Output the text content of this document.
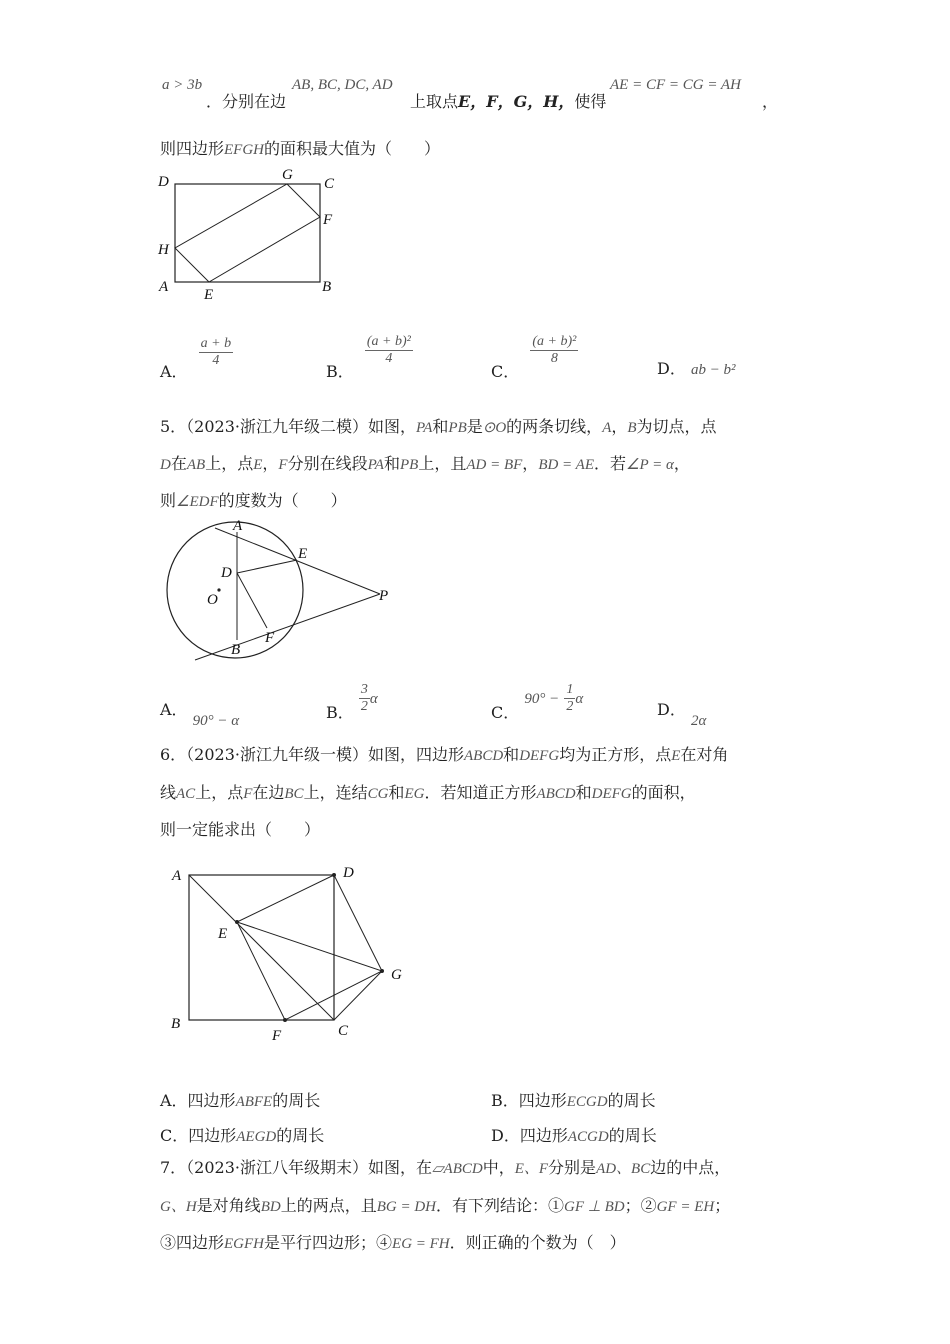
a > 3b
．分别在边
AB, BC, DC, AD
上取点E，F，G，H，使得
AE = CF = CG = AH
，
则四边形EFGH的面积最大值为（　　）
D	G
C
H
F
A E	B
A．
$\frac{a + b}{4}$
B．
$\frac{\text{(a + b)²}}{4}$
C．
$\frac{\text{(a + b)²}}{8}$
D． ab − b²
5．（2023·浙江九年级二模）如图，PA和PB是⊙O的两条切线，A，B为切点，点
D在AB上，点E，F分别在线段PA和PB上，且AD = BF，BD = AE．若∠P = α，
则∠EDF的度数为（　　）
A
E
D
O	P
F
B
A． 90° − α	B． $\frac{3}{2}$ α
C． $90^\circ - \frac{1}{2}$ α
D． 2α
6．（2023·浙江九年级一模）如图，四边形ABCD和DEFG均为正方形，点E在对角
线AC上，点F在边BC上，连结CG和EG．若知道正方形ABCD和DEFG的面积，
则一定能求出（　　）
A	D
E
G
B
F	C
A．四边形ABFE的周长	B．四边形ECGD的周长
C．四边形AEGD的周长	D．四边形ACGD的周长
7．（2023·浙江八年级期末）如图，在▱ABCD中，E、F分别是AD、BC边的中点，
G、H是对角线BD上的两点，且BG = DH．有下列结论：①GF ⊥ BD；②GF = EH；
③四边形EGFH是平行四边形；④EG = FH．则正确的个数为（　）
